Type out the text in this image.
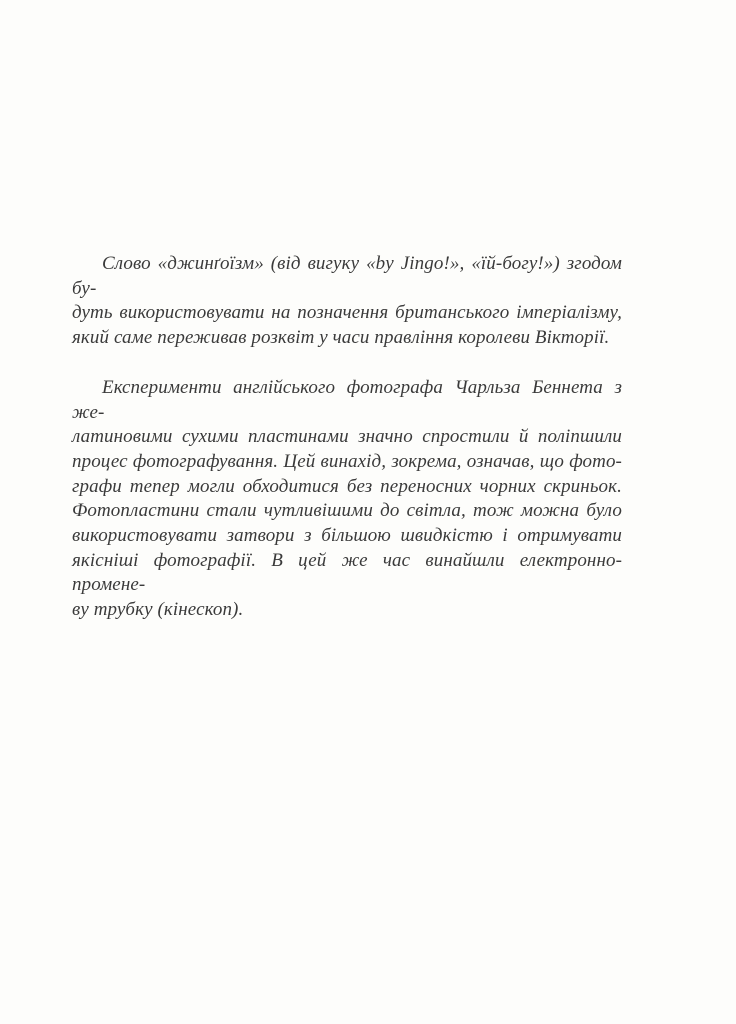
Слово «джинґоїзм» (від вигуку «by Jingo!», «їй-богу!») згодом бу-
дуть використовувати на позначення британського імперіалізму,
який саме переживав розквіт у часи правління королеви Вікторії.
Експерименти англійського фотографа Чарльза Беннета з же-
латиновими сухими пластинами значно спростили й поліпшили
процес фотографування. Цей винахід, зокрема, означав, що фото-
графи тепер могли обходитися без переносних чорних скриньок.
Фотопластини стали чутливішими до світла, тож можна було
використовувати затвори з більшою швидкістю і отримувати
якісніші фотографії. В цей же час винайшли електронно-промене-
ву трубку (кінескоп).
